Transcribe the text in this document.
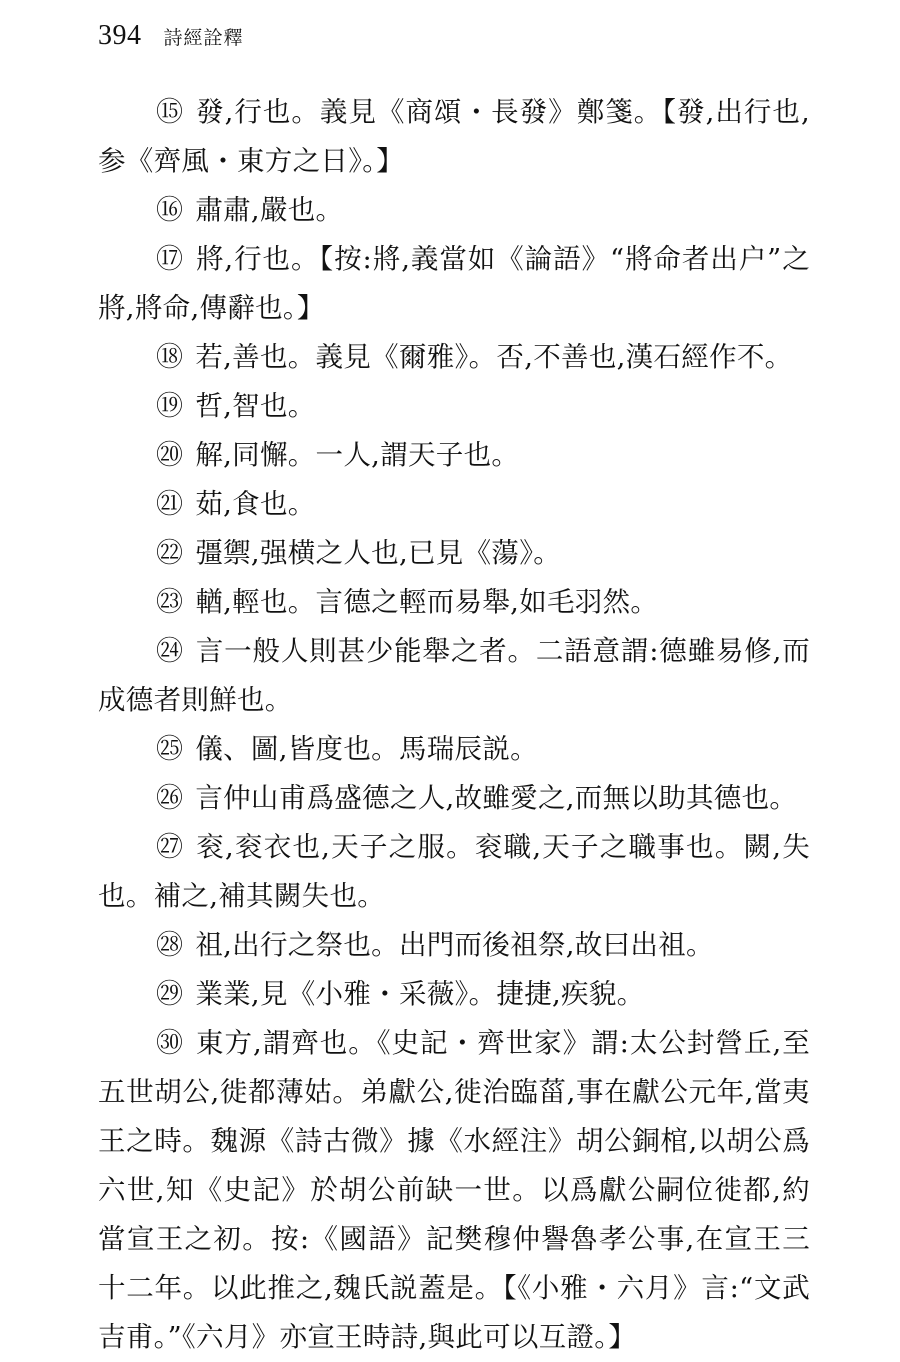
394 詩經詮釋

⑮ 發,行也。義見《商頌・長發》鄭箋。【發,出行也,参《齊風・東方之日》。】

⑯ 肅肅,嚴也。

⑰ 將,行也。【按:將,義當如《論語》“將命者出户”之將,將命,傳辭也。】

⑱ 若,善也。義見《爾雅》。否,不善也,漢石經作不。

⑲ 哲,智也。

⑳ 解,同懈。一人,謂天子也。

㉑ 茹,食也。

㉒ 彊禦,强横之人也,已見《蕩》。

㉓ 輶,輕也。言德之輕而易舉,如毛羽然。

㉔ 言一般人則甚少能舉之者。二語意謂:德雖易修,而成德者則鮮也。

㉕ 儀、圖,皆度也。馬瑞辰説。

㉖ 言仲山甫爲盛德之人,故雖愛之,而無以助其德也。

㉗ 衮,衮衣也,天子之服。衮職,天子之職事也。闕,失也。補之,補其闕失也。

㉘ 祖,出行之祭也。出門而後祖祭,故曰出祖。

㉙ 業業,見《小雅・采薇》。捷捷,疾貌。

㉚ 東方,謂齊也。《史記・齊世家》謂:太公封營丘,至五世胡公,徙都薄姑。弟獻公,徙治臨菑,事在獻公元年,當夷王之時。魏源《詩古微》據《水經注》胡公銅棺,以胡公爲六世,知《史記》於胡公前缺一世。以爲獻公嗣位徙都,約當宣王之初。按:《國語》記樊穆仲譽魯孝公事,在宣王三十二年。以此推之,魏氏説蓋是。【《小雅・六月》言:“文武吉甫。”《六月》亦宣王時詩,與此可以互證。】
